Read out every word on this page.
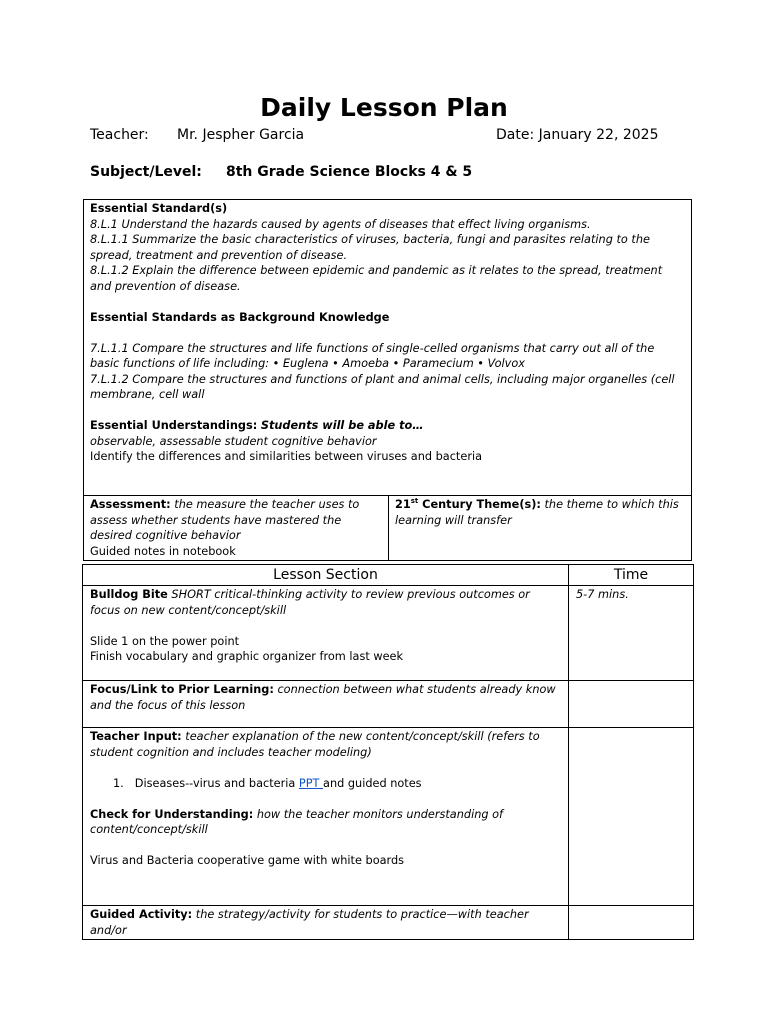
Daily Lesson Plan
Teacher: Mr. Jespher Garcia	Date: January 22, 2025
Subject/Level: 8th Grade Science Blocks 4 & 5
Essential Standard(s)
8.L.1 Understand the hazards caused by agents of diseases that effect living organisms.
8.L.1.1 Summarize the basic characteristics of viruses, bacteria, fungi and parasites relating to the spread, treatment and prevention of disease.
8.L.1.2 Explain the difference between epidemic and pandemic as it relates to the spread, treatment and prevention of disease.
Essential Standards as Background Knowledge
7.L.1.1 Compare the structures and life functions of single-celled organisms that carry out all of the basic functions of life including: • Euglena • Amoeba • Paramecium • Volvox
7.L.1.2 Compare the structures and functions of plant and animal cells, including major organelles (cell membrane, cell wall
Essential Understandings: Students will be able to…
observable, assessable student cognitive behavior
Identify the differences and similarities between viruses and bacteria
Assessment: the measure the teacher uses to assess whether students have mastered the desired cognitive behavior
Guided notes in notebook
21st Century Theme(s): the theme to which this learning will transfer
Lesson Section	Time
Bulldog Bite SHORT critical-thinking activity to review previous outcomes or focus on new content/concept/skill
Slide 1 on the power point
Finish vocabulary and graphic organizer from last week	5-7 mins.
Focus/Link to Prior Learning: connection between what students already know and the focus of this lesson	
Teacher Input: teacher explanation of the new content/concept/skill (refers to student cognition and includes teacher modeling)
1. Diseases--virus and bacteria PPT and guided notes
Check for Understanding: how the teacher monitors understanding of content/concept/skill
Virus and Bacteria cooperative game with white boards	

Guided Activity: the strategy/activity for students to practice—with teacher and/or	
